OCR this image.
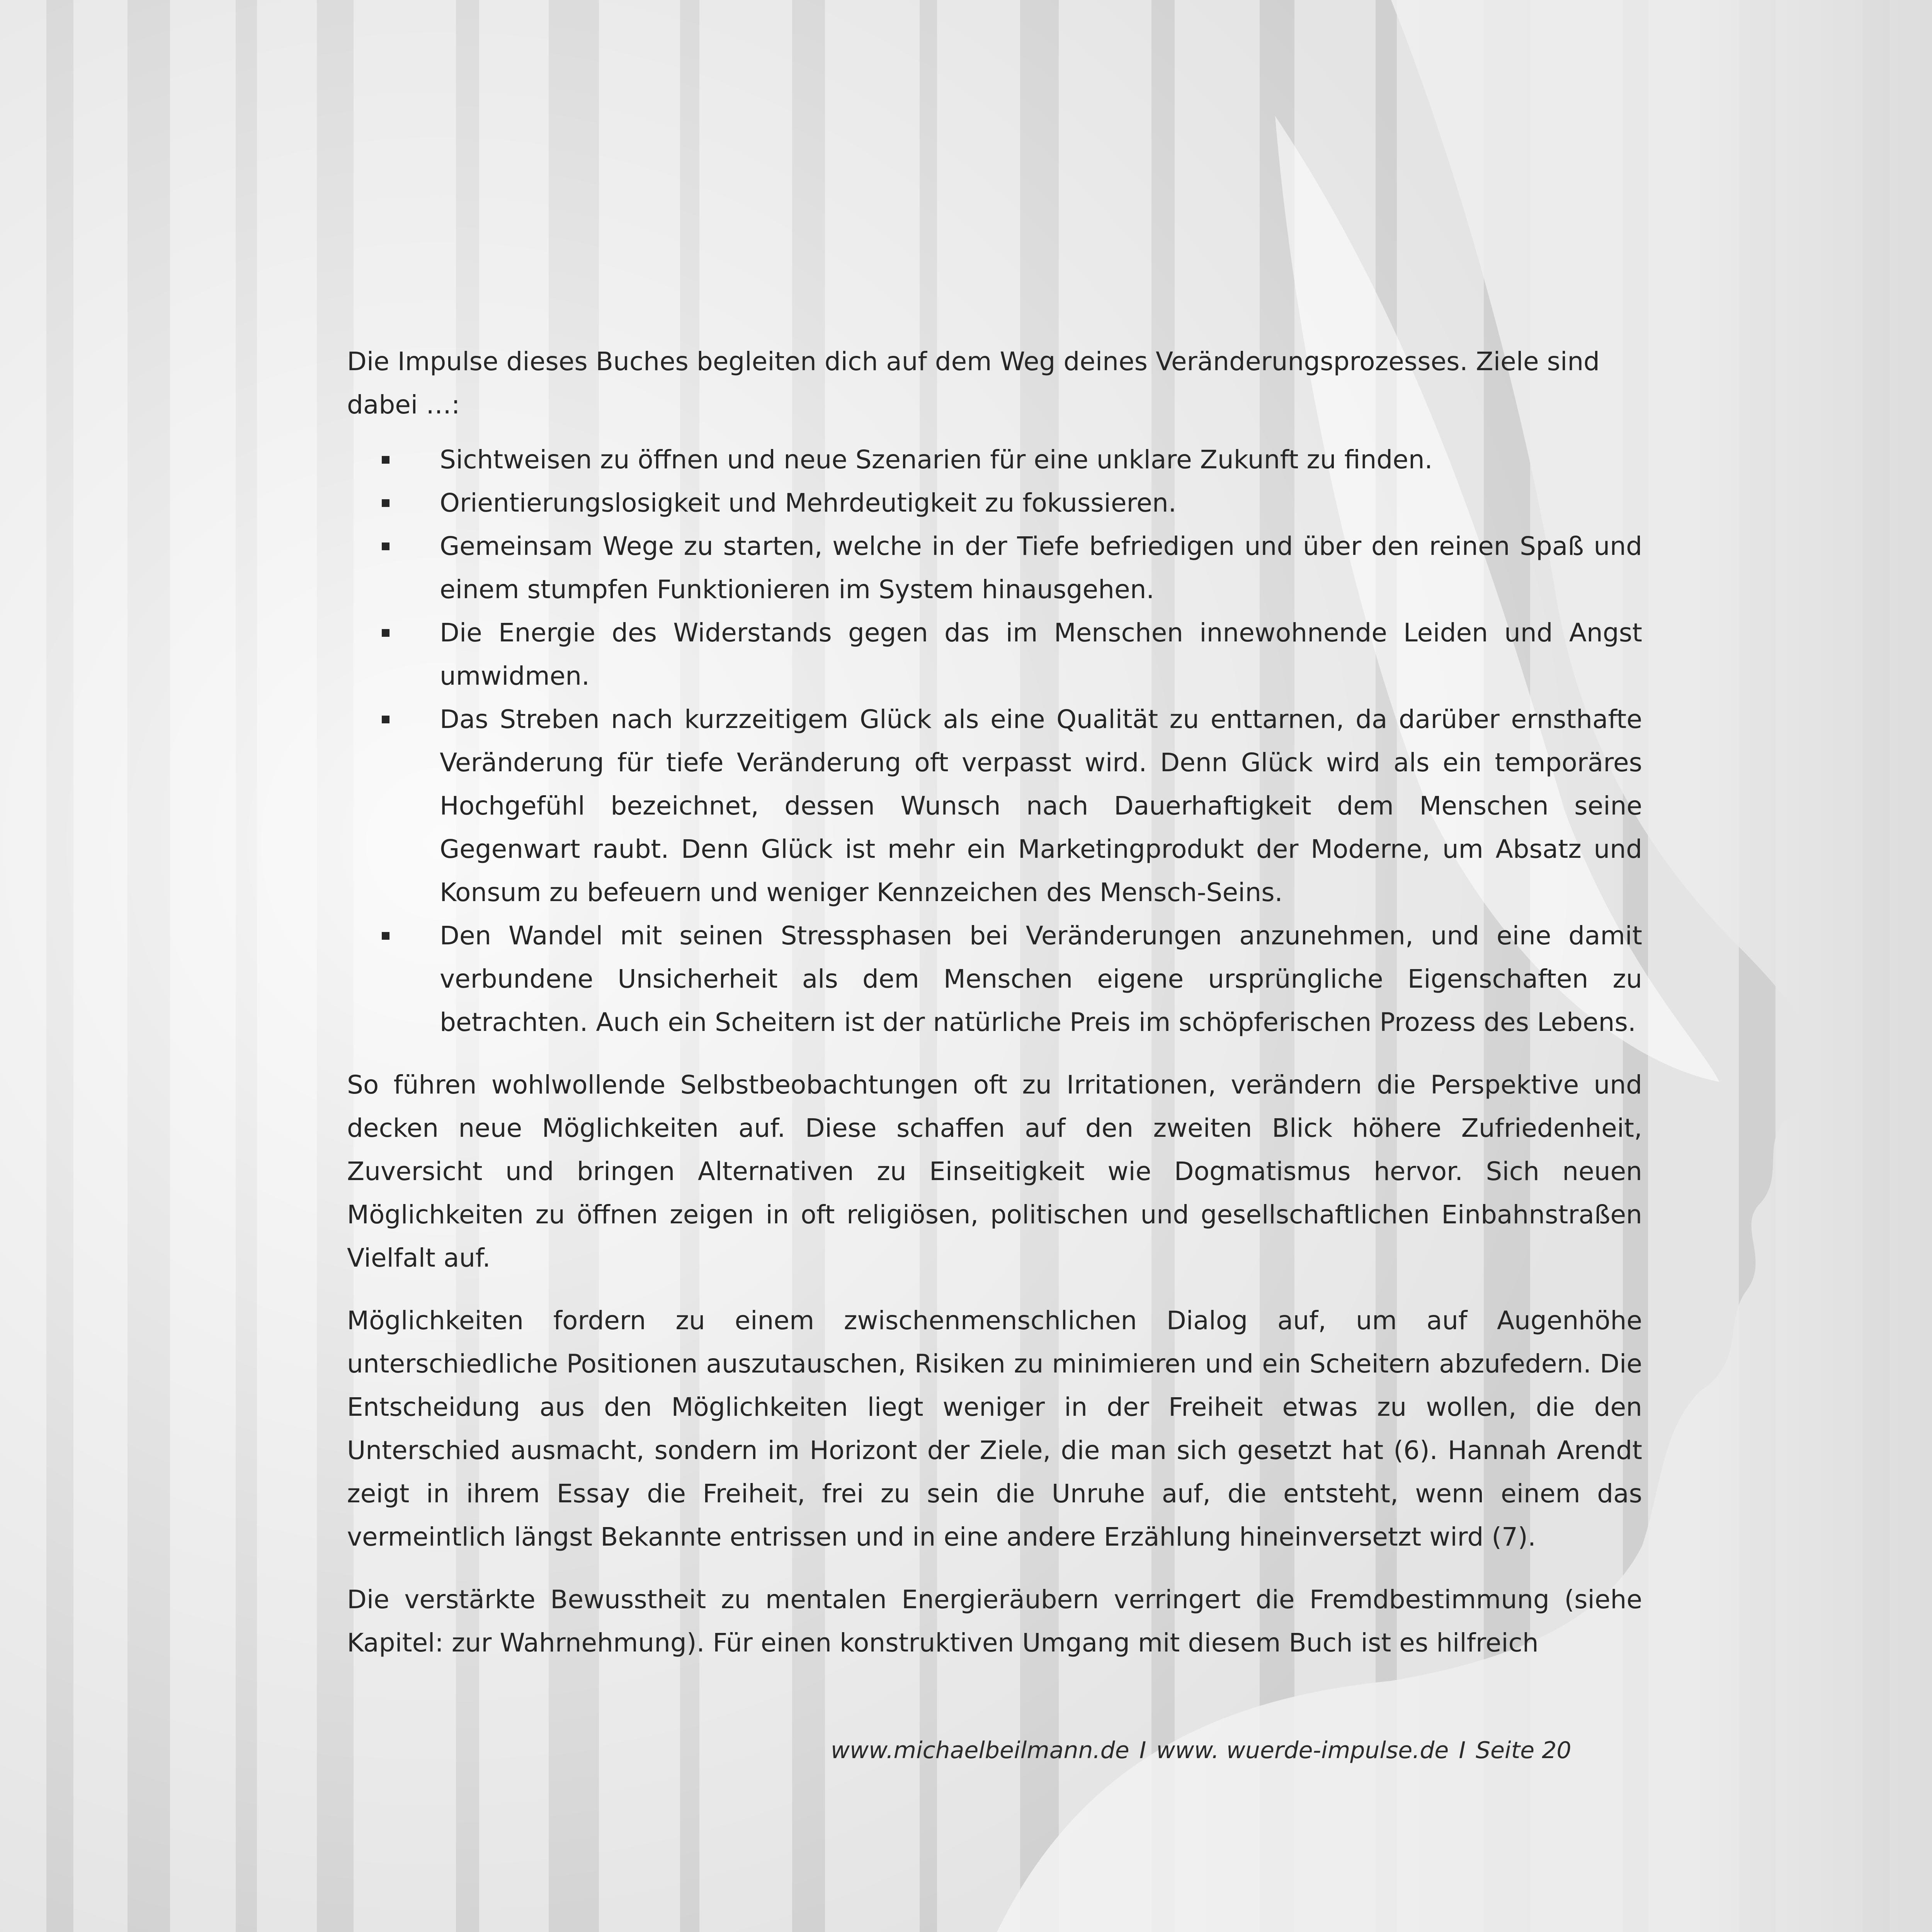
Die Impulse dieses Buches begleiten dich auf dem Weg deines Veränderungsprozesses. Ziele sind dabei …:

Sichtweisen zu öffnen und neue Szenarien für eine unklare Zukunft zu finden.
Orientierungslosigkeit und Mehrdeutigkeit zu fokussieren.
Gemeinsam Wege zu starten, welche in der Tiefe befriedigen und über den reinen Spaß und einem stumpfen Funktionieren im System hinausgehen.
Die Energie des Widerstands gegen das im Menschen innewohnende Leiden und Angst umwidmen.
Das Streben nach kurzzeitigem Glück als eine Qualität zu enttarnen, da darüber ernsthafte Veränderung für tiefe Veränderung oft verpasst wird. Denn Glück wird als ein temporäres Hochgefühl bezeichnet, dessen Wunsch nach Dauerhaftigkeit dem Menschen seine Gegenwart raubt. Denn Glück ist mehr ein Marketingprodukt der Moderne, um Absatz und Konsum zu befeuern und weniger Kennzeichen des Mensch-Seins.
Den Wandel mit seinen Stressphasen bei Veränderungen anzunehmen, und eine damit verbundene Unsicherheit als dem Menschen eigene ursprüngliche Eigenschaften zu betrachten. Auch ein Scheitern ist der natürliche Preis im schöpferischen Prozess des Lebens.

So führen wohlwollende Selbstbeobachtungen oft zu Irritationen, verändern die Perspektive und decken neue Möglichkeiten auf. Diese schaffen auf den zweiten Blick höhere Zufriedenheit, Zuversicht und bringen Alternativen zu Einseitigkeit wie Dogmatismus hervor. Sich neuen Möglichkeiten zu öffnen zeigen in oft religiösen, politischen und gesellschaftlichen Einbahnstraßen Vielfalt auf.

Möglichkeiten fordern zu einem zwischenmenschlichen Dialog auf, um auf Augenhöhe unterschiedliche Positionen auszutauschen, Risiken zu minimieren und ein Scheitern abzufedern. Die Entscheidung aus den Möglichkeiten liegt weniger in der Freiheit etwas zu wollen, die den Unterschied ausmacht, sondern im Horizont der Ziele, die man sich gesetzt hat (6). Hannah Arendt zeigt in ihrem Essay die Freiheit, frei zu sein die Unruhe auf, die entsteht, wenn einem das vermeintlich längst Bekannte entrissen und in eine andere Erzählung hineinversetzt wird (7).

Die verstärkte Bewusstheit zu mentalen Energieräubern verringert die Fremdbestimmung (siehe Kapitel: zur Wahrnehmung). Für einen konstruktiven Umgang mit diesem Buch ist es hilfreich

www.michaelbeilmann.de I www. wuerde-impulse.de I Seite 20
